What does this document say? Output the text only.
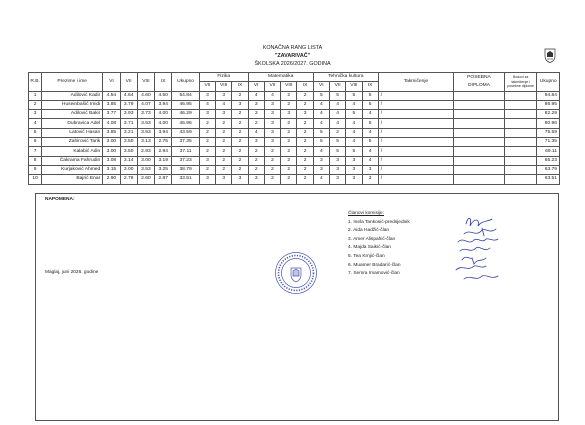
KONAČNA RANG LISTA
"ZAVARIVAČ"
ŠKOLSKA 2026/2027. GODINA
R.B.	Prezime i ime	VI	VII	VIII	IX	Ukupno	Fizika			Matematika				Tehnička kultura				Takmičenje	POSEBNA
DIPLOMA	Bodovi za takmičenje i posebne diplome	Ukupno
							VII	VIII	IX	VI	VII	VIII	IX	VI	VII	VIII	IX				
1	Adilović Kadir	4.54	4.64	4.60	4.50	54.84	3	3	2	4	4	2	2	5	5	5	5	/			94.84
2	Huseinbašić Imidi	3.85	3.79	4.07	3.94	46.95	4	4	3	3	3	2	2	4	4	4	5	/			86.95
3	Adilović Bakir	3.77	3.93	3.73	4.00	46.29	3	3	2	3	3	3	3	4	4	5	4	/			82.29
4	Dubravica Adel	4.08	3.71	3.53	4.00	45.96	2	2	2	2	3	2	2	4	4	4	5	/			80.96
5	Latović Hasan	3.85	3.21	3.53	3.94	43.59	2	2	2	4	3	2	2	5	2	4	4	/			75.59
6	Zahirović Tarik	3.00	3.50	3.13	2.75	37.35	2	2	2	3	3	2	2	5	5	4	5	/			71.35
7	Kalabić Adin	3.00	3.50	2.93	2.94	37.11	2	2	2	2	2	2	2	4	5	5	4	/			69.11
8	Čakrama Fahrudin	3.08	3.14	3.00	3.19	37.23	3	2	2	2	2	2	2	3	3	3	4	/			65.23
9	Kurjaković Ahmed	3.15	3.00	3.53	3.25	38.79	2	2	2	2	2	2	2	3	3	3	3	/			63.79
10	Bajrić Enar	2.90	2.78	2.60	2.87	33.51	3	3	3	3	2	2	2	4	3	3	3	/			63.51
NAPOMENA:
Maglaj, juni 2026. godine
Članovi komisije:
1. Inela Tankosić-predsjednik
2. Aida Hadžić-član
3. Amer Alispahić-član
4. Majda Saikić-član
5. Tea Krnjić-član
6. Muamer Bradarić-član
7. Semra Imamović-član
